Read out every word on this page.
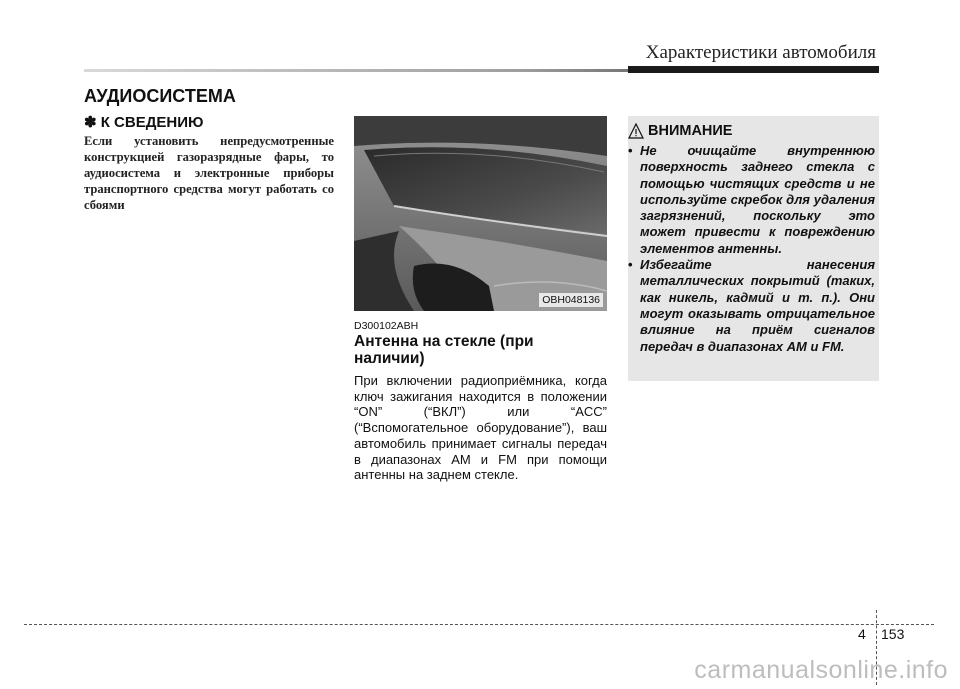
Характеристики автомобиля
АУДИОСИСТЕМА
✽ К СВЕДЕНИЮ
Если установить непредусмотренные конструкцией газоразрядные фары, то аудиосистема и электронные приборы транспортного средства могут работать со сбоями
OBH048136
D300102ABH
Антенна на стекле (при наличии)
При включении радиоприёмника, когда ключ зажигания находится в положении “ON” (“ВКЛ”) или “ACC” (“Вспомогательное оборудование”), ваш автомобиль принимает сигналы передач в диапазонах AM и FM при помощи антенны на заднем стекле.
ВНИМАНИЕ
• Не очищайте внутреннюю поверхность заднего стекла с помощью чистящих средств и не используйте скребок для удаления загрязнений, поскольку это может привести к повреждению элементов антенны.
• Избегайте нанесения металлических покрытий (таких, как никель, кадмий и т. п.). Они могут оказывать отрицательное влияние на приём сигналов передач в диапазонах AM и FM.
4 153
carmanualsonline.info
